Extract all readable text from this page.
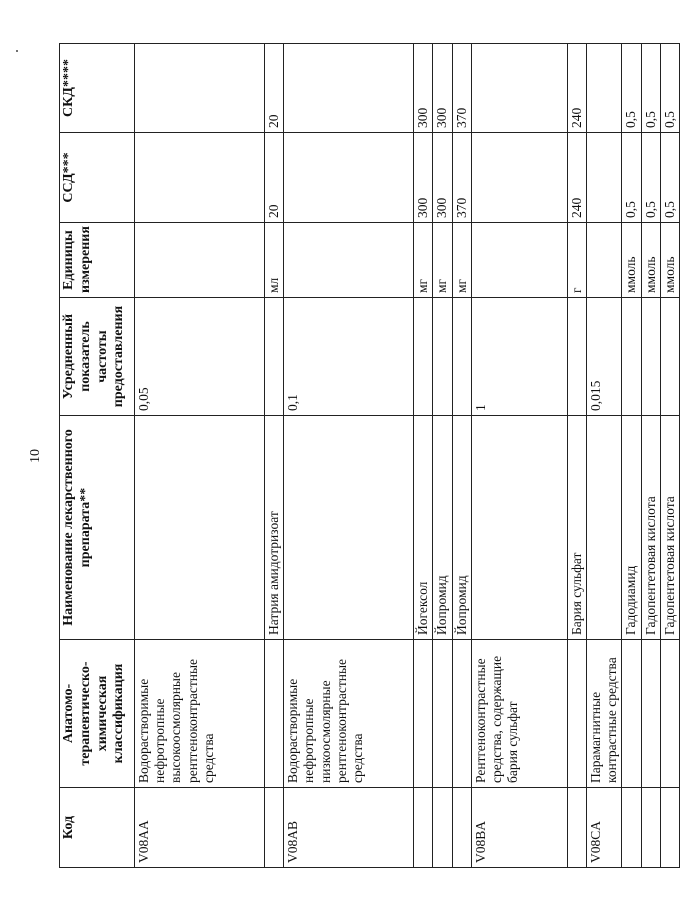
10
Код	Анатомо-терапевтическо-химическая классификация	Наименование лекарственного препарата**	Усредненный показатель частоты предоставления	Единицы измерения	ССД***	СКД****
V08AA	Водорастворимые нефротропные высокоосмолярные рентгеноконтрастные средства		0,05			
		Натрия амидотризоат		мл	20	20
V08AB	Водорастворимые нефротропные низкоосмолярные рентгеноконтрастные средства		0,1			
		Йогексол		мг	300	300
		Йопромид		мг	300	300
		Йопромид		мг	370	370
V08BA	Рентгеноконтрастные средства, содержащие бария сульфат		1			
		Бария сульфат		г	240	240
V08CA	Парамагнитные контрастные средства		0,015			
		Гадодиамид		ммоль	0,5	0,5
		Гадопентетовая кислота		ммоль	0,5	0,5
		Гадопентетовая кислота		ммоль	0,5	0,5
